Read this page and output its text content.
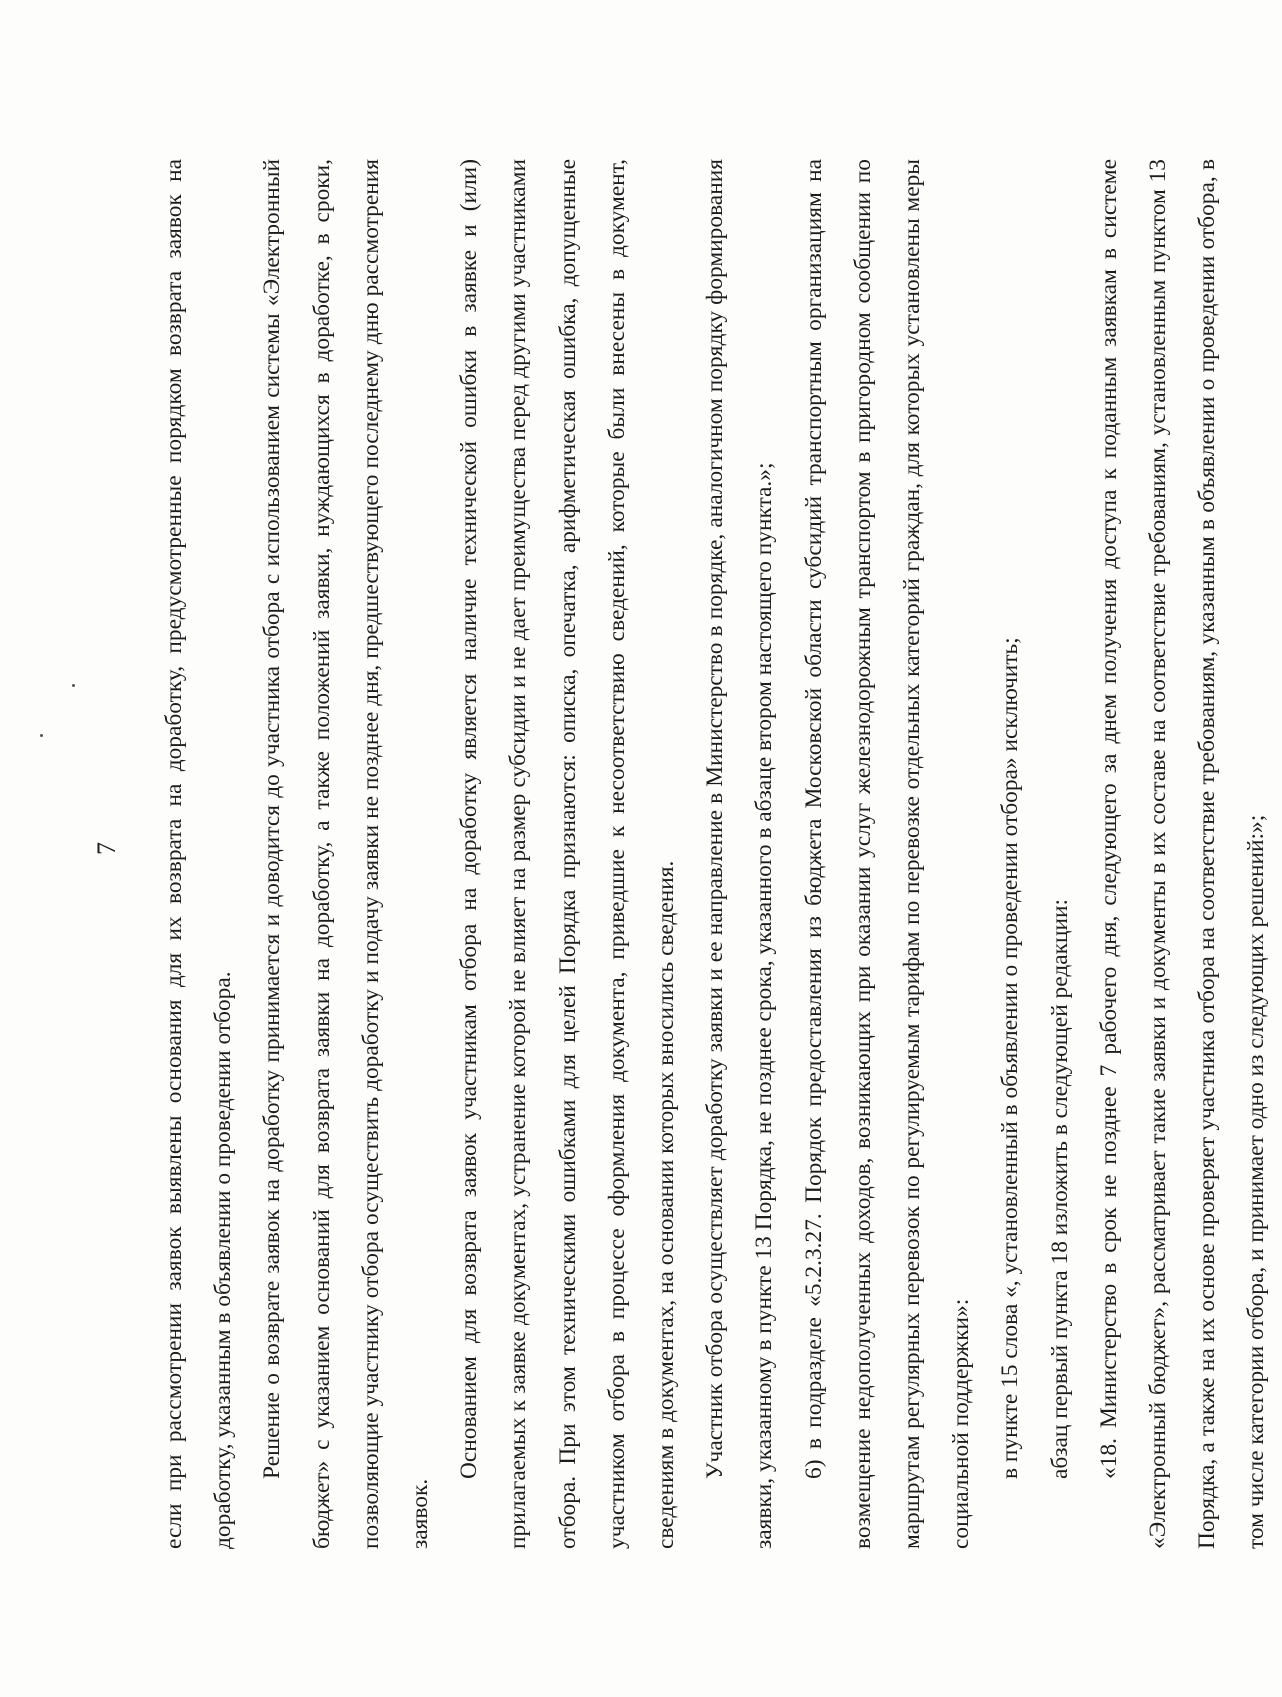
7	если при рассмотрении заявок выявлены основания для их возврата на доработку, предусмотренные порядком возврата заявок на доработку, указанным в объявлении о проведении отбора. Решение о возврате заявок на доработку принимается и доводится до участника отбора с использованием системы «Электронный бюджет» с указанием оснований для возврата заявки на доработку, а также положений заявки, нуждающихся в доработке, в сроки, позволяющие участнику отбора осуществить доработку и подачу заявки не позднее дня, предшествующего последнему дню рассмотрения заявок.

Основанием для возврата заявок участникам отбора на доработку является наличие технической ошибки в заявке и (или) прилагаемых к заявке документах, устранение которой не влияет на размер субсидии и не дает преимущества перед другими участниками отбора. При этом техническими ошибками для целей Порядка признаются: описка, опечатка, арифметическая ошибка, допущенные участником отбора в процессе оформления документа, приведшие к несоответствию сведений, которые были внесены в документ, сведениям в документах, на основании которых вносились сведения. Участник отбора осуществляет доработку заявки и ее направление в Министерство в порядке, аналогичном порядку формирования заявки, указанному в пункте 13 Порядка, не позднее срока, указанного в абзаце втором настоящего пункта.»; 6) в подразделе «5.2.3.27. Порядок предоставления из бюджета Московской области субсидий транспортным организациям на возмещение недополученных доходов, возникающих при оказании услуг железнодорожным транспортом в пригородном сообщении по маршрутам регулярных перевозок по регулируемым тарифам по перевозке отдельных категорий граждан, для которых установлены меры социальной поддержки»: в пункте 15 слова «, установленный в объявлении о проведении отбора» исключить; абзац первый пункта 18 изложить в следующей редакции: «18. Министерство в срок не позднее 7 рабочего дня, следующего за днем получения доступа к поданным заявкам в системе «Электронный бюджет», рассматривает такие заявки и документы в их составе на соответствие требованиям, установленным пунктом 13 Порядка, а также на их основе проверяет участника отбора на соответствие требованиям, указанным в объявлении о проведении отбора, в том числе категории отбора, и принимает одно из следующих решений:»;
